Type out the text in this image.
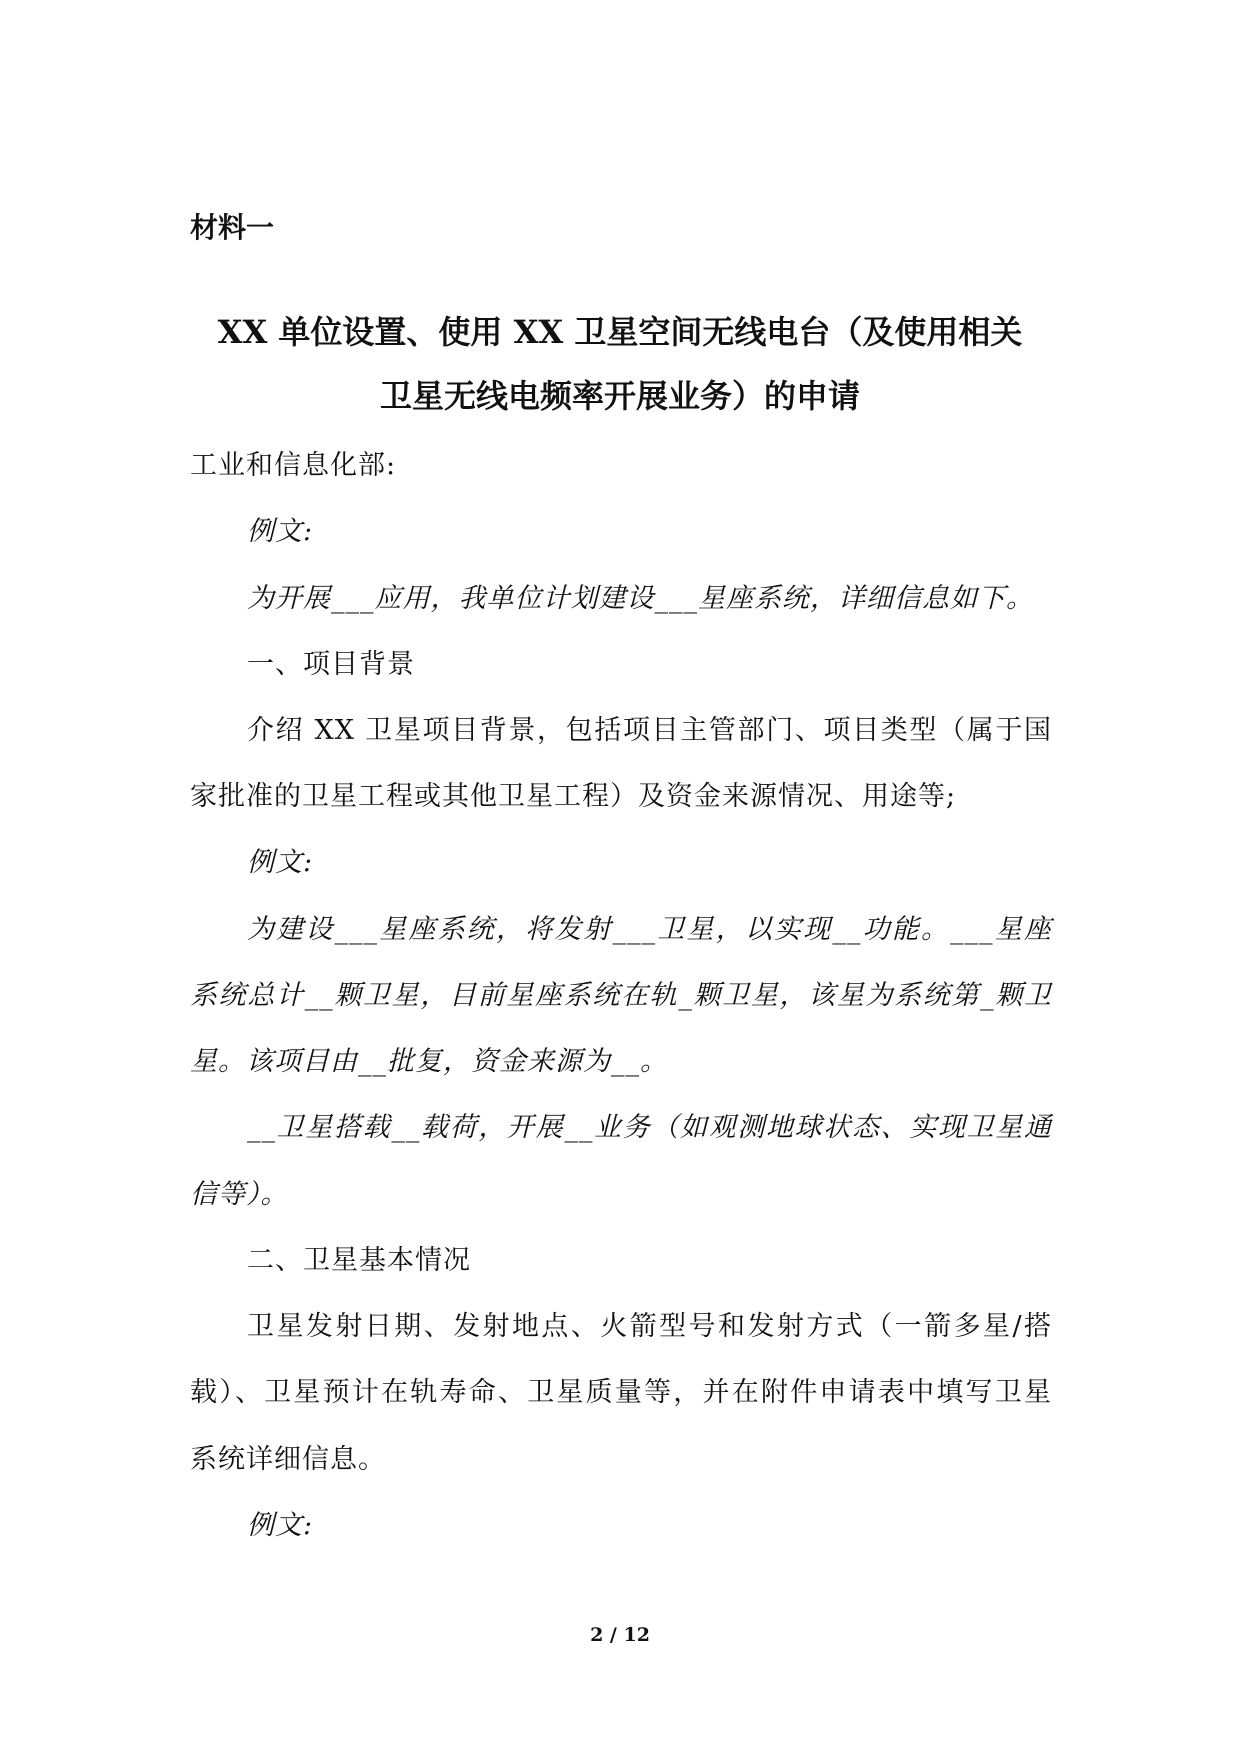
材料一
XX 单位设置、使用 XX 卫星空间无线电台（及使用相关
卫星无线电频率开展业务）的申请
工业和信息化部:
例文:
为开展___应用，我单位计划建设___星座系统，详细信息如下。
一、项目背景
介绍 XX 卫星项目背景，包括项目主管部门、项目类型（属于国
家批准的卫星工程或其他卫星工程）及资金来源情况、用途等;
例文:
为建设___星座系统，将发射___卫星，以实现__功能。___星座
系统总计__颗卫星，目前星座系统在轨_颗卫星，该星为系统第_颗卫
星。该项目由__批复，资金来源为__。
__卫星搭载__载荷，开展__业务（如观测地球状态、实现卫星通
信等）。
二、卫星基本情况
卫星发射日期、发射地点、火箭型号和发射方式（一箭多星/搭
载）、卫星预计在轨寿命、卫星质量等，并在附件申请表中填写卫星
系统详细信息。
例文:
2 / 12
